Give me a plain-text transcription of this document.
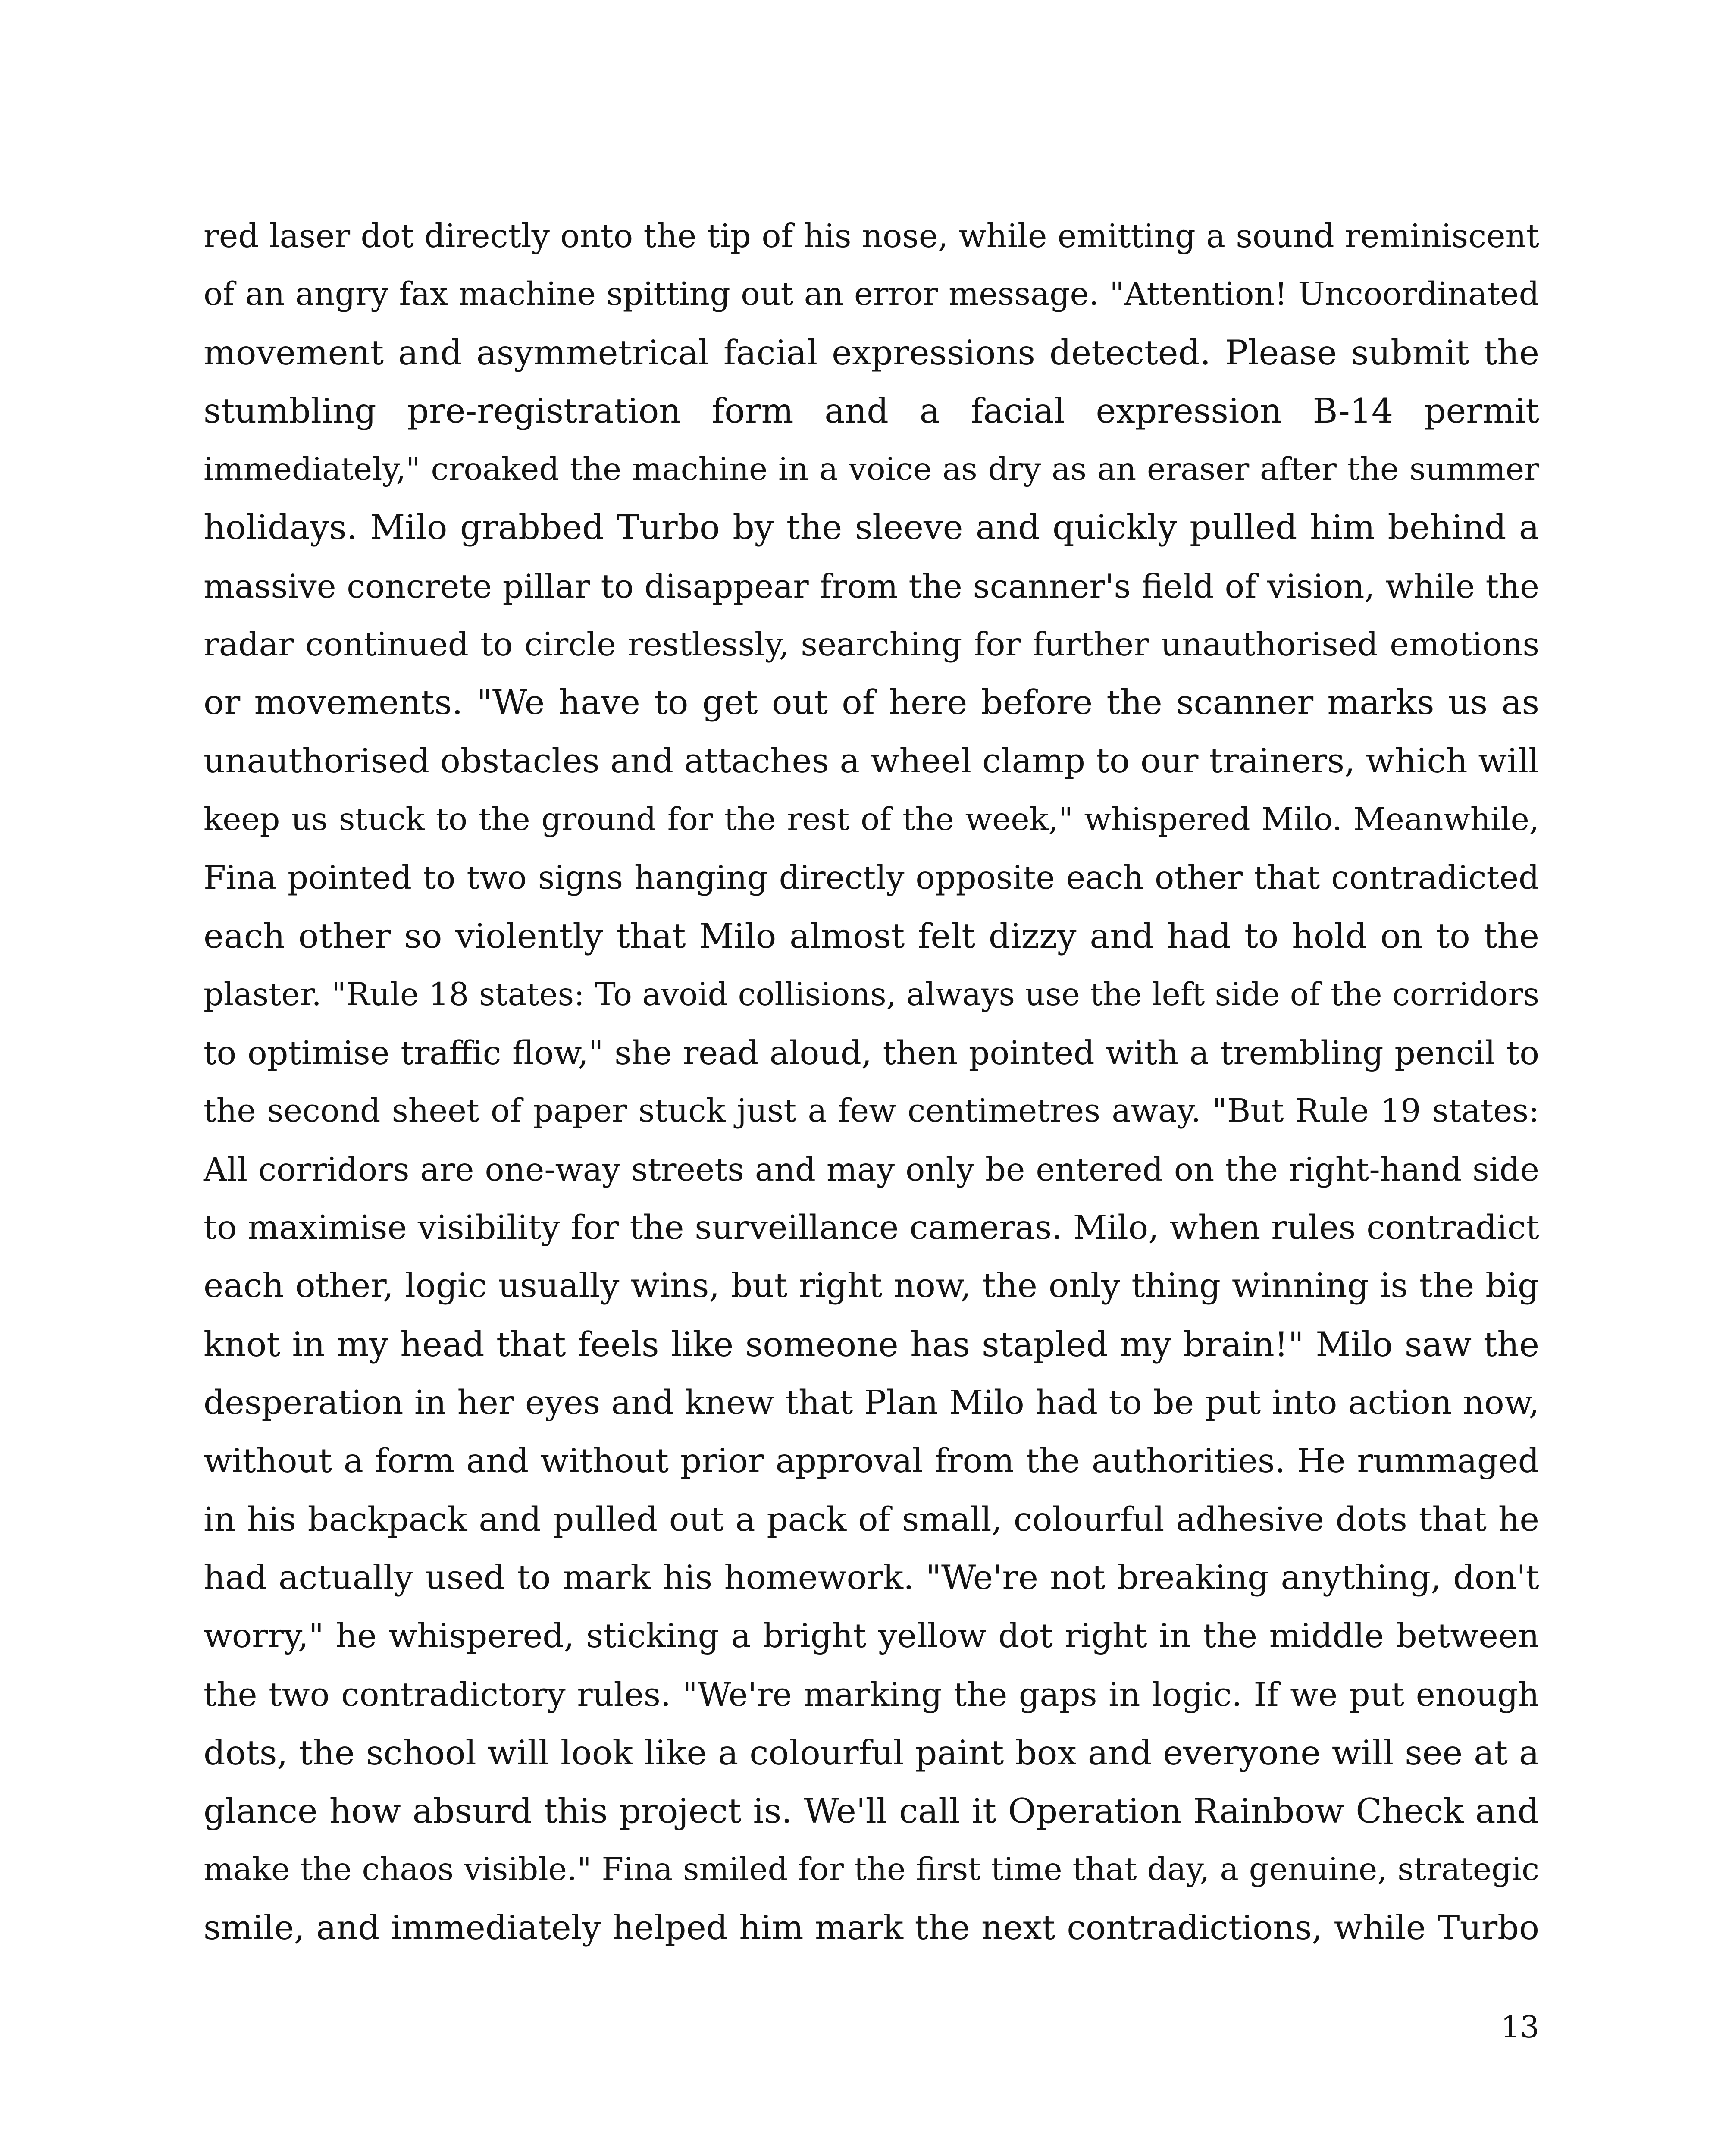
red laser dot directly onto the tip of his nose, while emitting a sound reminiscent
of an angry fax machine spitting out an error message. "Attention! Uncoordinated
movement and asymmetrical facial expressions detected. Please submit the
stumbling pre-registration form and a facial expression B-14 permit
immediately," croaked the machine in a voice as dry as an eraser after the summer
holidays. Milo grabbed Turbo by the sleeve and quickly pulled him behind a
massive concrete pillar to disappear from the scanner's field of vision, while the
radar continued to circle restlessly, searching for further unauthorised emotions
or movements. "We have to get out of here before the scanner marks us as
unauthorised obstacles and attaches a wheel clamp to our trainers, which will
keep us stuck to the ground for the rest of the week," whispered Milo. Meanwhile,
Fina pointed to two signs hanging directly opposite each other that contradicted
each other so violently that Milo almost felt dizzy and had to hold on to the
plaster. "Rule 18 states: To avoid collisions, always use the left side of the corridors
to optimise traffic flow," she read aloud, then pointed with a trembling pencil to
the second sheet of paper stuck just a few centimetres away. "But Rule 19 states:
All corridors are one-way streets and may only be entered on the right-hand side
to maximise visibility for the surveillance cameras. Milo, when rules contradict
each other, logic usually wins, but right now, the only thing winning is the big
knot in my head that feels like someone has stapled my brain!" Milo saw the
desperation in her eyes and knew that Plan Milo had to be put into action now,
without a form and without prior approval from the authorities. He rummaged
in his backpack and pulled out a pack of small, colourful adhesive dots that he
had actually used to mark his homework. "We're not breaking anything, don't
worry," he whispered, sticking a bright yellow dot right in the middle between
the two contradictory rules. "We're marking the gaps in logic. If we put enough
dots, the school will look like a colourful paint box and everyone will see at a
glance how absurd this project is. We'll call it Operation Rainbow Check and
make the chaos visible." Fina smiled for the first time that day, a genuine, strategic
smile, and immediately helped him mark the next contradictions, while Turbo
13
